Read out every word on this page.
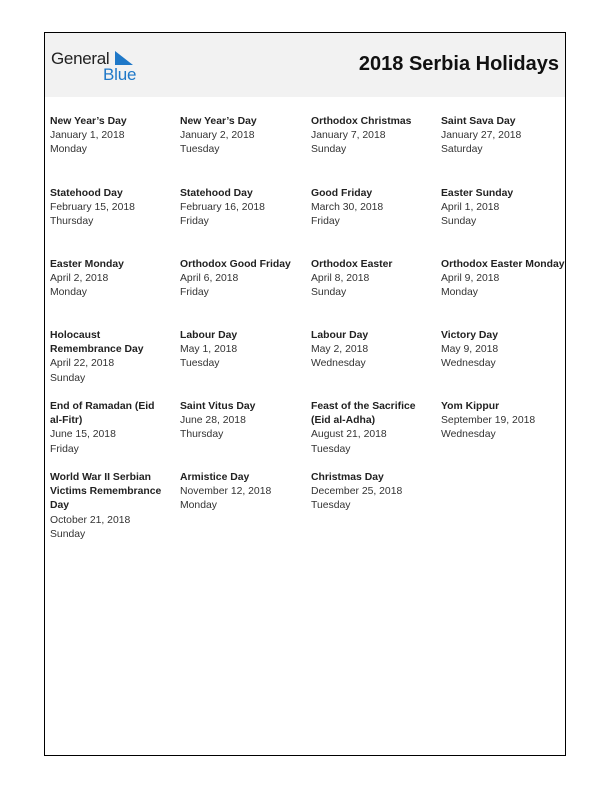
General
Blue	2018 Serbia Holidays
New Year’s Day
January 1, 2018
Monday
New Year’s Day
January 2, 2018
Tuesday
Orthodox Christmas
January 7, 2018
Sunday
Saint Sava Day
January 27, 2018
Saturday
Statehood Day
February 15, 2018
Thursday
Statehood Day
February 16, 2018
Friday
Good Friday
March 30, 2018
Friday
Easter Sunday
April 1, 2018
Sunday
Easter Monday
April 2, 2018
Monday
Orthodox Good Friday
April 6, 2018
Friday
Orthodox Easter
April 8, 2018
Sunday
Orthodox Easter Monday
April 9, 2018
Monday
Holocaust Remembrance Day
April 22, 2018
Sunday
Labour Day
May 1, 2018
Tuesday
Labour Day
May 2, 2018
Wednesday
Victory Day
May 9, 2018
Wednesday
End of Ramadan (Eid al-Fitr)
June 15, 2018
Friday
Saint Vitus Day
June 28, 2018
Thursday
Feast of the Sacrifice (Eid al-Adha)
August 21, 2018
Tuesday
Yom Kippur
September 19, 2018
Wednesday
World War II Serbian Victims Remembrance Day
October 21, 2018
Sunday
Armistice Day
November 12, 2018
Monday
Christmas Day
December 25, 2018
Tuesday
